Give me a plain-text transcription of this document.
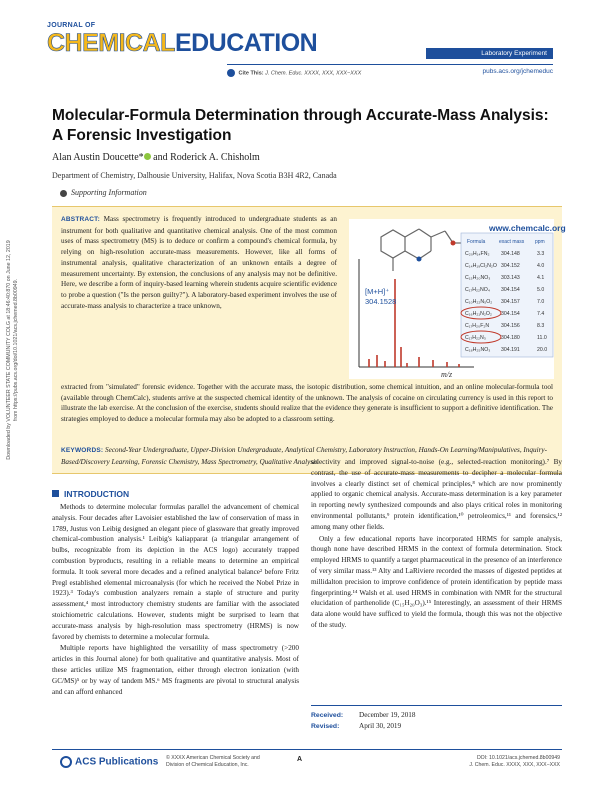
Downloaded by VOLUNTEER STATE COMMUNITY COLG at 18:46:40:870 on June 12, 2019 from https://pubs.acs.org/doi/10.1021/acs.jchemed.8b00949.
JOURNAL OF
CHEMICALEDUCATION	Laboratory Experiment
Cite This: J. Chem. Educ. XXXX, XXX, XXX−XXX	pubs.acs.org/jchemeduc
Molecular-Formula Determination through Accurate-Mass Analysis: A Forensic Investigation
Alan Austin Doucette* and Roderick A. Chisholm
Department of Chemistry, Dalhousie University, Halifax, Nova Scotia B3H 4R2, Canada
Supporting Information
ABSTRACT: Mass spectrometry is frequently introduced to undergraduate students as an instrument for both qualitative and quantitative chemical analysis. One of the most common uses of mass spectrometry (MS) is to deduce or confirm a compound's chemical formula, by relying on high-resolution accurate-mass measurements. However, like all forms of instrumental analysis, qualitative characterization of an unknown entails a degree of measurement uncertainty. By extension, the conclusions of any analysis may not be definitive. Here, we describe a form of inquiry-based learning wherein students acquire scientific evidence to probe a question ("Is the person guilty?"). A laboratory-based experiment involves the use of accurate-mass analysis to characterize a trace unknown,
[M+H]⁺
304.1528
m/z
Formula	exact mass ppm
C₂₀H₁₄FN₂ 304.148	3.3
C₁₄H₁₉Cl₂N₂O 304.152	4.0
C₁₅H₂₀NO₃ 303.143	4.1
C₁₇H₂₂NO₄ 304.154	5.0
C₁₀H₂₂N₅O₂ 304.157	7.0
C₁₆H₂₁N₂O₂ 304.154	7.4
C₁₇H₂₀F₂N 304.156	8.3
C₁₇H₂₂N₃	304.180	11.0
C₁₈H₂₅NO₃ 304.191	20.0
www.chemcalc.org
extracted from "simulated" forensic evidence. Together with the accurate mass, the isotopic distribution, some chemical intuition, and an online molecular-formula tool (available through ChemCalc), students arrive at the suspected chemical identity of the unknown. The analysis of cocaine on circulating currency is used in this report to illustrate the lab exercise. At the conclusion of the exercise, students should realize that the evidence they generate is insufficient to support a definitive identification. The strategies employed to deduce a molecular formula may also be adopted to a classroom setting.
KEYWORDS: Second-Year Undergraduate, Upper-Division Undergraduate, Analytical Chemistry, Laboratory Instruction, Hands-On Learning/Manipulatives, Inquiry-Based/Discovery Learning, Forensic Chemistry, Mass Spectrometry, Qualitative Analysis
INTRODUCTION

Methods to determine molecular formulas parallel the advancement of chemical analysis. Four decades after Lavoisier established the law of conservation of mass in 1789, Justus von Leibig designed an elegant piece of glassware that greatly improved chemical-combustion analysis.¹ Leibig's kaliapparat (a triangular arrangement of bulbs, recognizable from its depiction in the ACS logo) accurately trapped combustion byproducts, resulting in a reliable means to determine an empirical formula. It took several more decades and a refined analytical balance² before Fritz Pregl established elemental microanalysis (for which he received the Nobel Prize in 1923).³ Today's combustion analyzers remain a staple of structure and purity assessment,⁴ most introductory chemistry students are familiar with the associated stoichiometric calculations. However, students might be surprised to learn that accurate-mass analysis by high-resolution mass spectrometry (HRMS) is now favored by chemists to determine a molecular formula.

Multiple reports have highlighted the versatility of mass spectrometry (>200 articles in this Journal alone) for both qualitative and quantitative analysis. Most of these articles utilize MS fragmentation, either through electron ionization (with GC/MS)⁵ or by way of tandem MS.⁶ MS fragments are pivotal to structural analysis and can afford enhanced

selectivity and improved signal-to-noise (e.g., selected-reaction monitoring).⁷ By contrast, the use of accurate-mass measurements to decipher a molecular formula involves a clearly distinct set of chemical principles,⁸ which are now prominently applied to organic chemical analysis. Accurate-mass determination is a key parameter in reporting newly synthesized compounds and also plays critical roles in monitoring environmental pollutants,⁹ protein identification,¹⁰ petroleomics,¹¹ and forensics,¹² among many other fields.

Only a few educational reports have incorporated HRMS for sample analysis, though none have described HRMS in the context of formula determination. Stock employed HRMS to quantify a target pharmaceutical in the presence of an interference of very similar mass.¹³ Alty and LaRiviere recorded the masses of digested peptides at millidalton precision to improve confidence of protein identification by peptide mass fingerprinting.¹⁴ Walsh et al. used HRMS in combination with NMR for the structural elucidation of parthenolide (C₁₅H₂₀O₃).¹⁵ Interestingly, an assessment of their HRMS data alone would have sufficed to yield the formula, though this was not the objective of the study.

Received: December 19, 2018
Revised:	April 30, 2019
ACS Publications © XXXX American Chemical Society and
Division of Chemical Education, Inc.
A	DOI: 10.1021/acs.jchemed.8b00949
J. Chem. Educ. XXXX, XXX, XXX−XXX
